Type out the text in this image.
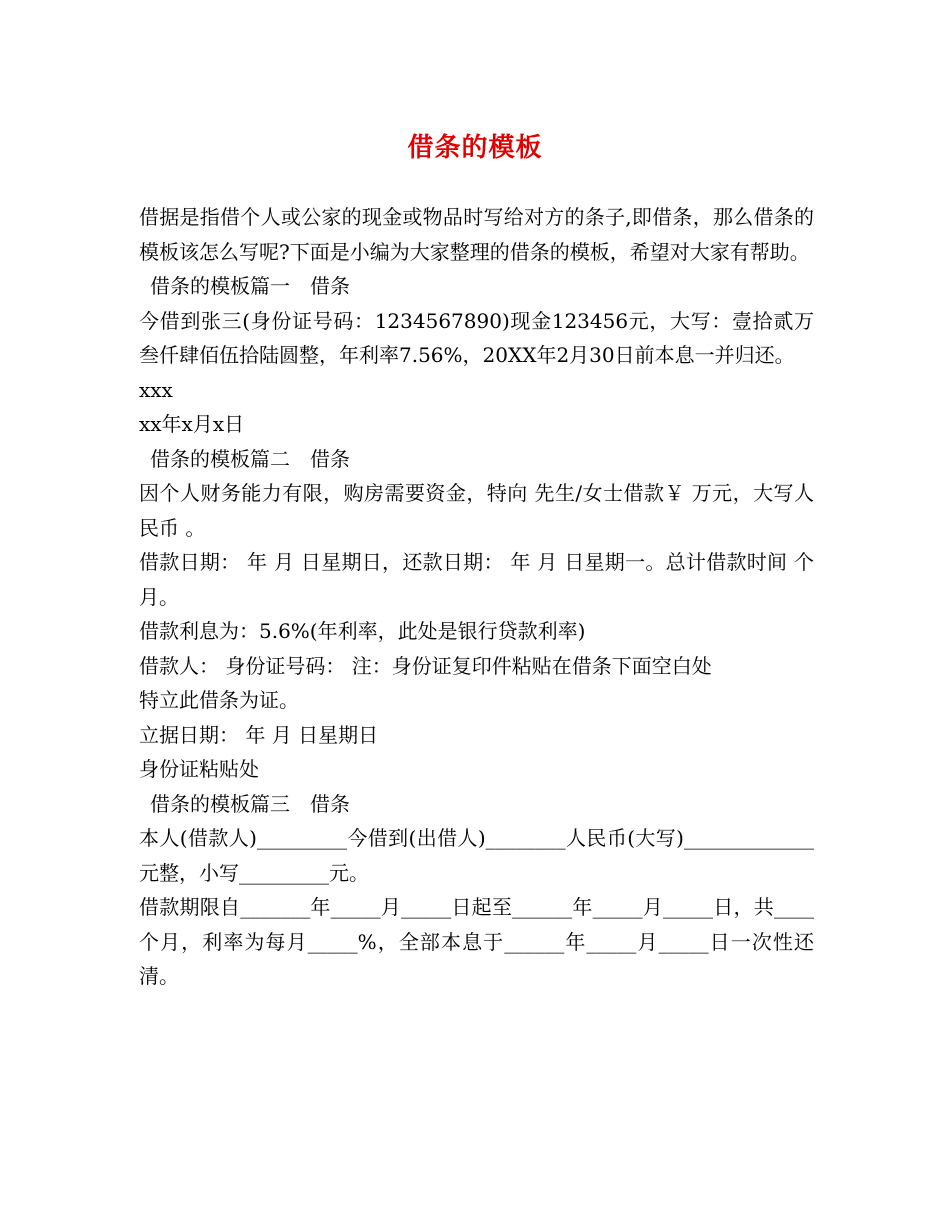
借条的模板

借据是指借个人或公家的现金或物品时写给对方的条子,即借条，那么借条的模板该怎么写呢?下面是小编为大家整理的借条的模板，希望对大家有帮助。

借条的模板篇一　借条

今借到张三(身份证号码：1234567890)现金123456元，大写：壹拾贰万叁仟肆佰伍拾陆圆整，年利率7.56%，20XX年2月30日前本息一并归还。

xxx

xx年x月x日

借条的模板篇二　借条

因个人财务能力有限，购房需要资金，特向 先生/女士借款￥ 万元，大写人民币 。

借款日期： 年 月 日星期日，还款日期： 年 月 日星期一。总计借款时间 个月。

借款利息为：5.6%(年利率，此处是银行贷款利率)

借款人： 身份证号码： 注：身份证复印件粘贴在借条下面空白处

特立此借条为证。

立据日期： 年 月 日星期日

身份证粘贴处

借条的模板篇三　借条

本人(借款人)_________今借到(出借人)________人民币(大写)_____________元整，小写_________元。

借款期限自_______年_____月_____日起至______年_____月_____日，共____个月，利率为每月_____%，全部本息于______年_____月_____日一次性还清。
